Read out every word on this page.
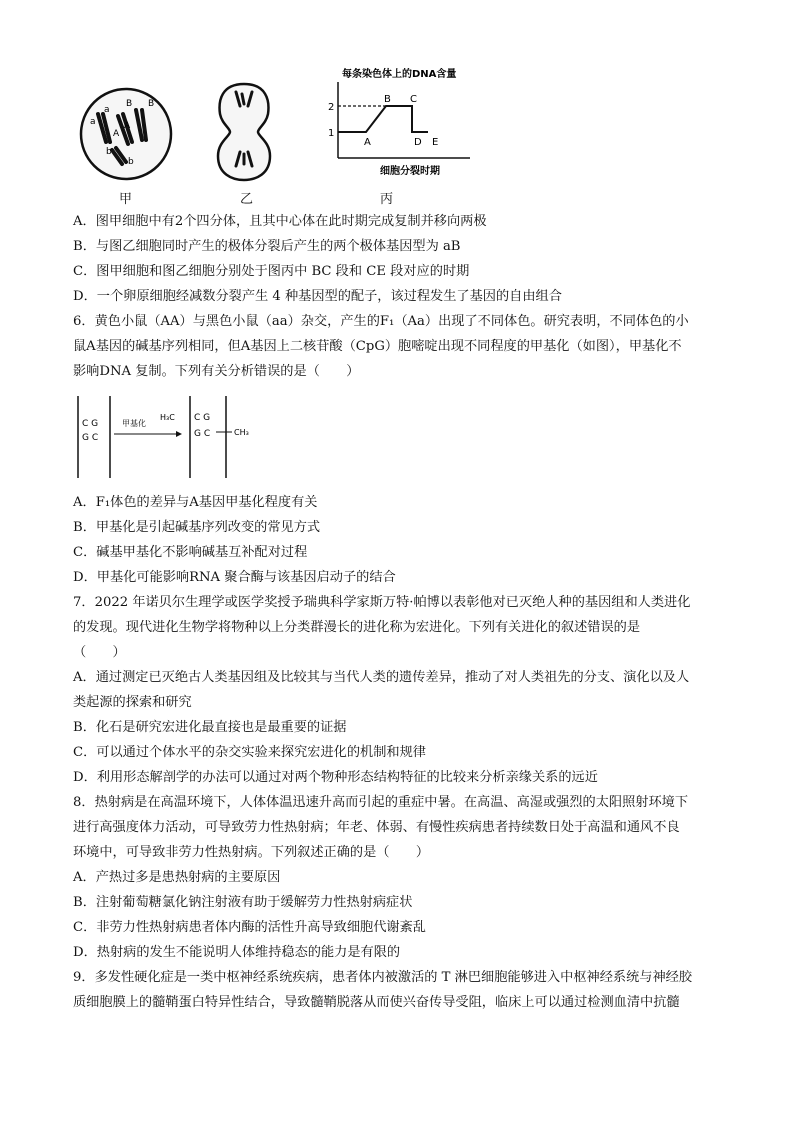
a
B
a
B
A
A
b
b
甲	乙
每条染色体上的DNA含量
2
1
A
B C
D E
细胞分裂时期
丙
A．图甲细胞中有2个四分体，且其中心体在此时期完成复制并移向两极
B．与图乙细胞同时产生的极体分裂后产生的两个极体基因型为 aB
C．图甲细胞和图乙细胞分别处于图丙中 BC 段和 CE 段对应的时期
D．一个卵原细胞经减数分裂产生 4 种基因型的配子，该过程发生了基因的自由组合
6．黄色小鼠（AA）与黑色小鼠（aa）杂交，产生的F₁（Aa）出现了不同体色。研究表明，不同体色的小
鼠A基因的碱基序列相同，但A基因上二核苷酸（CpG）胞嘧啶出现不同程度的甲基化（如图），甲基化不
影响DNA 复制。下列有关分析错误的是（　　）
C G
G C
甲基化
H₃C C G
G C	CH₃
A．F₁体色的差异与A基因甲基化程度有关
B．甲基化是引起碱基序列改变的常见方式
C．碱基甲基化不影响碱基互补配对过程
D．甲基化可能影响RNA 聚合酶与该基因启动子的结合
7．2022 年诺贝尔生理学或医学奖授予瑞典科学家斯万特·帕博以表彰他对已灭绝人种的基因组和人类进化
的发现。现代进化生物学将物种以上分类群漫长的进化称为宏进化。下列有关进化的叙述错误的是
（　　）
A．通过测定已灭绝古人类基因组及比较其与当代人类的遗传差异，推动了对人类祖先的分支、演化以及人
类起源的探索和研究
B．化石是研究宏进化最直接也是最重要的证据
C．可以通过个体水平的杂交实验来探究宏进化的机制和规律
D．利用形态解剖学的办法可以通过对两个物种形态结构特征的比较来分析亲缘关系的远近
8．热射病是在高温环境下，人体体温迅速升高而引起的重症中暑。在高温、高湿或强烈的太阳照射环境下
进行高强度体力活动，可导致劳力性热射病；年老、体弱、有慢性疾病患者持续数日处于高温和通风不良
环境中，可导致非劳力性热射病。下列叙述正确的是（　　）
A．产热过多是患热射病的主要原因
B．注射葡萄糖氯化钠注射液有助于缓解劳力性热射病症状
C．非劳力性热射病患者体内酶的活性升高导致细胞代谢紊乱
D．热射病的发生不能说明人体维持稳态的能力是有限的
9．多发性硬化症是一类中枢神经系统疾病，患者体内被激活的 T 淋巴细胞能够进入中枢神经系统与神经胶
质细胞膜上的髓鞘蛋白特异性结合，导致髓鞘脱落从而使兴奋传导受阻，临床上可以通过检测血清中抗髓
